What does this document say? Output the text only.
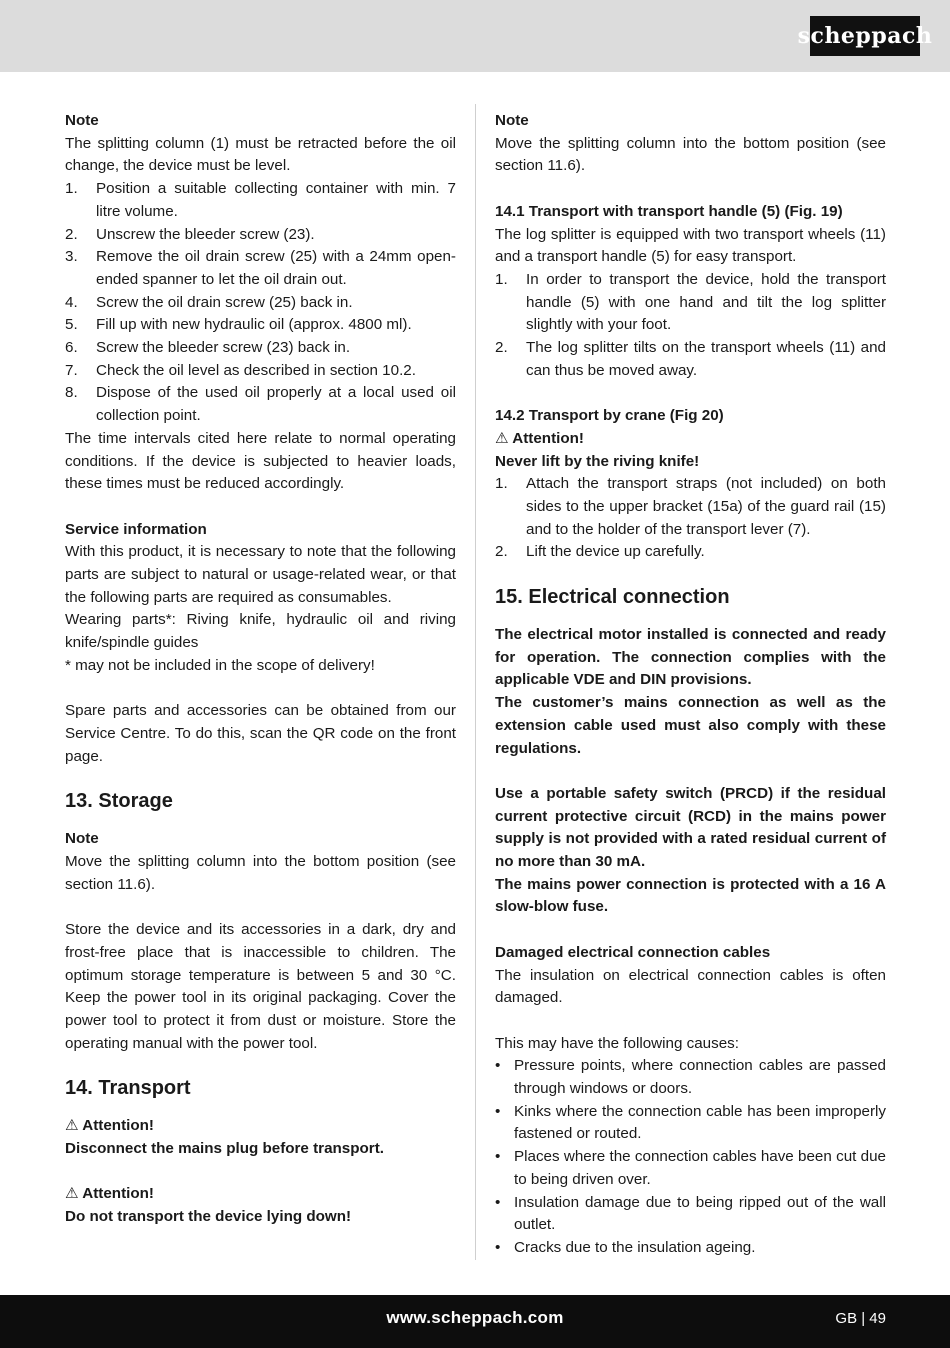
scheppach

Note

The splitting column (1) must be retracted before the oil change, the device must be level.

1.	Position a suitable collecting container with min. 7 litre volume.
2.	Unscrew the bleeder screw (23).
3.	Remove the oil drain screw (25) with a 24mm open-ended spanner to let the oil drain out.
4.	Screw the oil drain screw (25) back in.
5.	Fill up with new hydraulic oil (approx. 4800 ml).
6.	Screw the bleeder screw (23) back in.
7.	Check the oil level as described in section 10.2.
8.	Dispose of the used oil properly at a local used oil collection point.

The time intervals cited here relate to normal operating conditions. If the device is subjected to heavier loads, these times must be reduced accordingly.

Service information

With this product, it is necessary to note that the following parts are subject to natural or usage-related wear, or that the following parts are required as consumables.

Wearing parts*: Riving knife, hydraulic oil and riving knife/spindle guides

* may not be included in the scope of delivery!

Spare parts and accessories can be obtained from our Service Centre. To do this, scan the QR code on the front page.

13. Storage

Note

Move the splitting column into the bottom position (see section 11.6).

Store the device and its accessories in a dark, dry and frost-free place that is inaccessible to children. The optimum storage temperature is between 5 and 30 °C. Keep the power tool in its original packaging. Cover the power tool to protect it from dust or moisture. Store the operating manual with the power tool.

14. Transport

⚠ Attention!

Disconnect the mains plug before transport.

⚠ Attention!

Do not transport the device lying down!

Note

Move the splitting column into the bottom position (see section 11.6).

14.1 Transport with transport handle (5) (Fig. 19)

The log splitter is equipped with two transport wheels (11) and a transport handle (5) for easy transport.

1.	In order to transport the device, hold the transport handle (5) with one hand and tilt the log splitter slightly with your foot.
2.	The log splitter tilts on the transport wheels (11) and can thus be moved away.

14.2 Transport by crane (Fig 20)

⚠ Attention!

Never lift by the riving knife!

1.	Attach the transport straps (not included) on both sides to the upper bracket (15a) of the guard rail (15) and to the holder of the transport lever (7).
2.	Lift the device up carefully.
15. Electrical connection

The electrical motor installed is connected and ready for operation. The connection complies with the applicable VDE and DIN provisions.

The customer’s mains connection as well as the extension cable used must also comply with these regulations.

Use a portable safety switch (PRCD) if the residual current protective circuit (RCD) in the mains power supply is not provided with a rated residual current of no more than 30 mA.

The mains power connection is protected with a 16 A slow-blow fuse.

Damaged electrical connection cables

The insulation on electrical connection cables is often damaged.

This may have the following causes:

• Pressure points, where connection cables are passed through windows or doors.
• Kinks where the connection cable has been improperly fastened or routed.
• Places where the connection cables have been cut due to being driven over.
• Insulation damage due to being ripped out of the wall outlet.
• Cracks due to the insulation ageing.
www.scheppach.com	GB | 49
